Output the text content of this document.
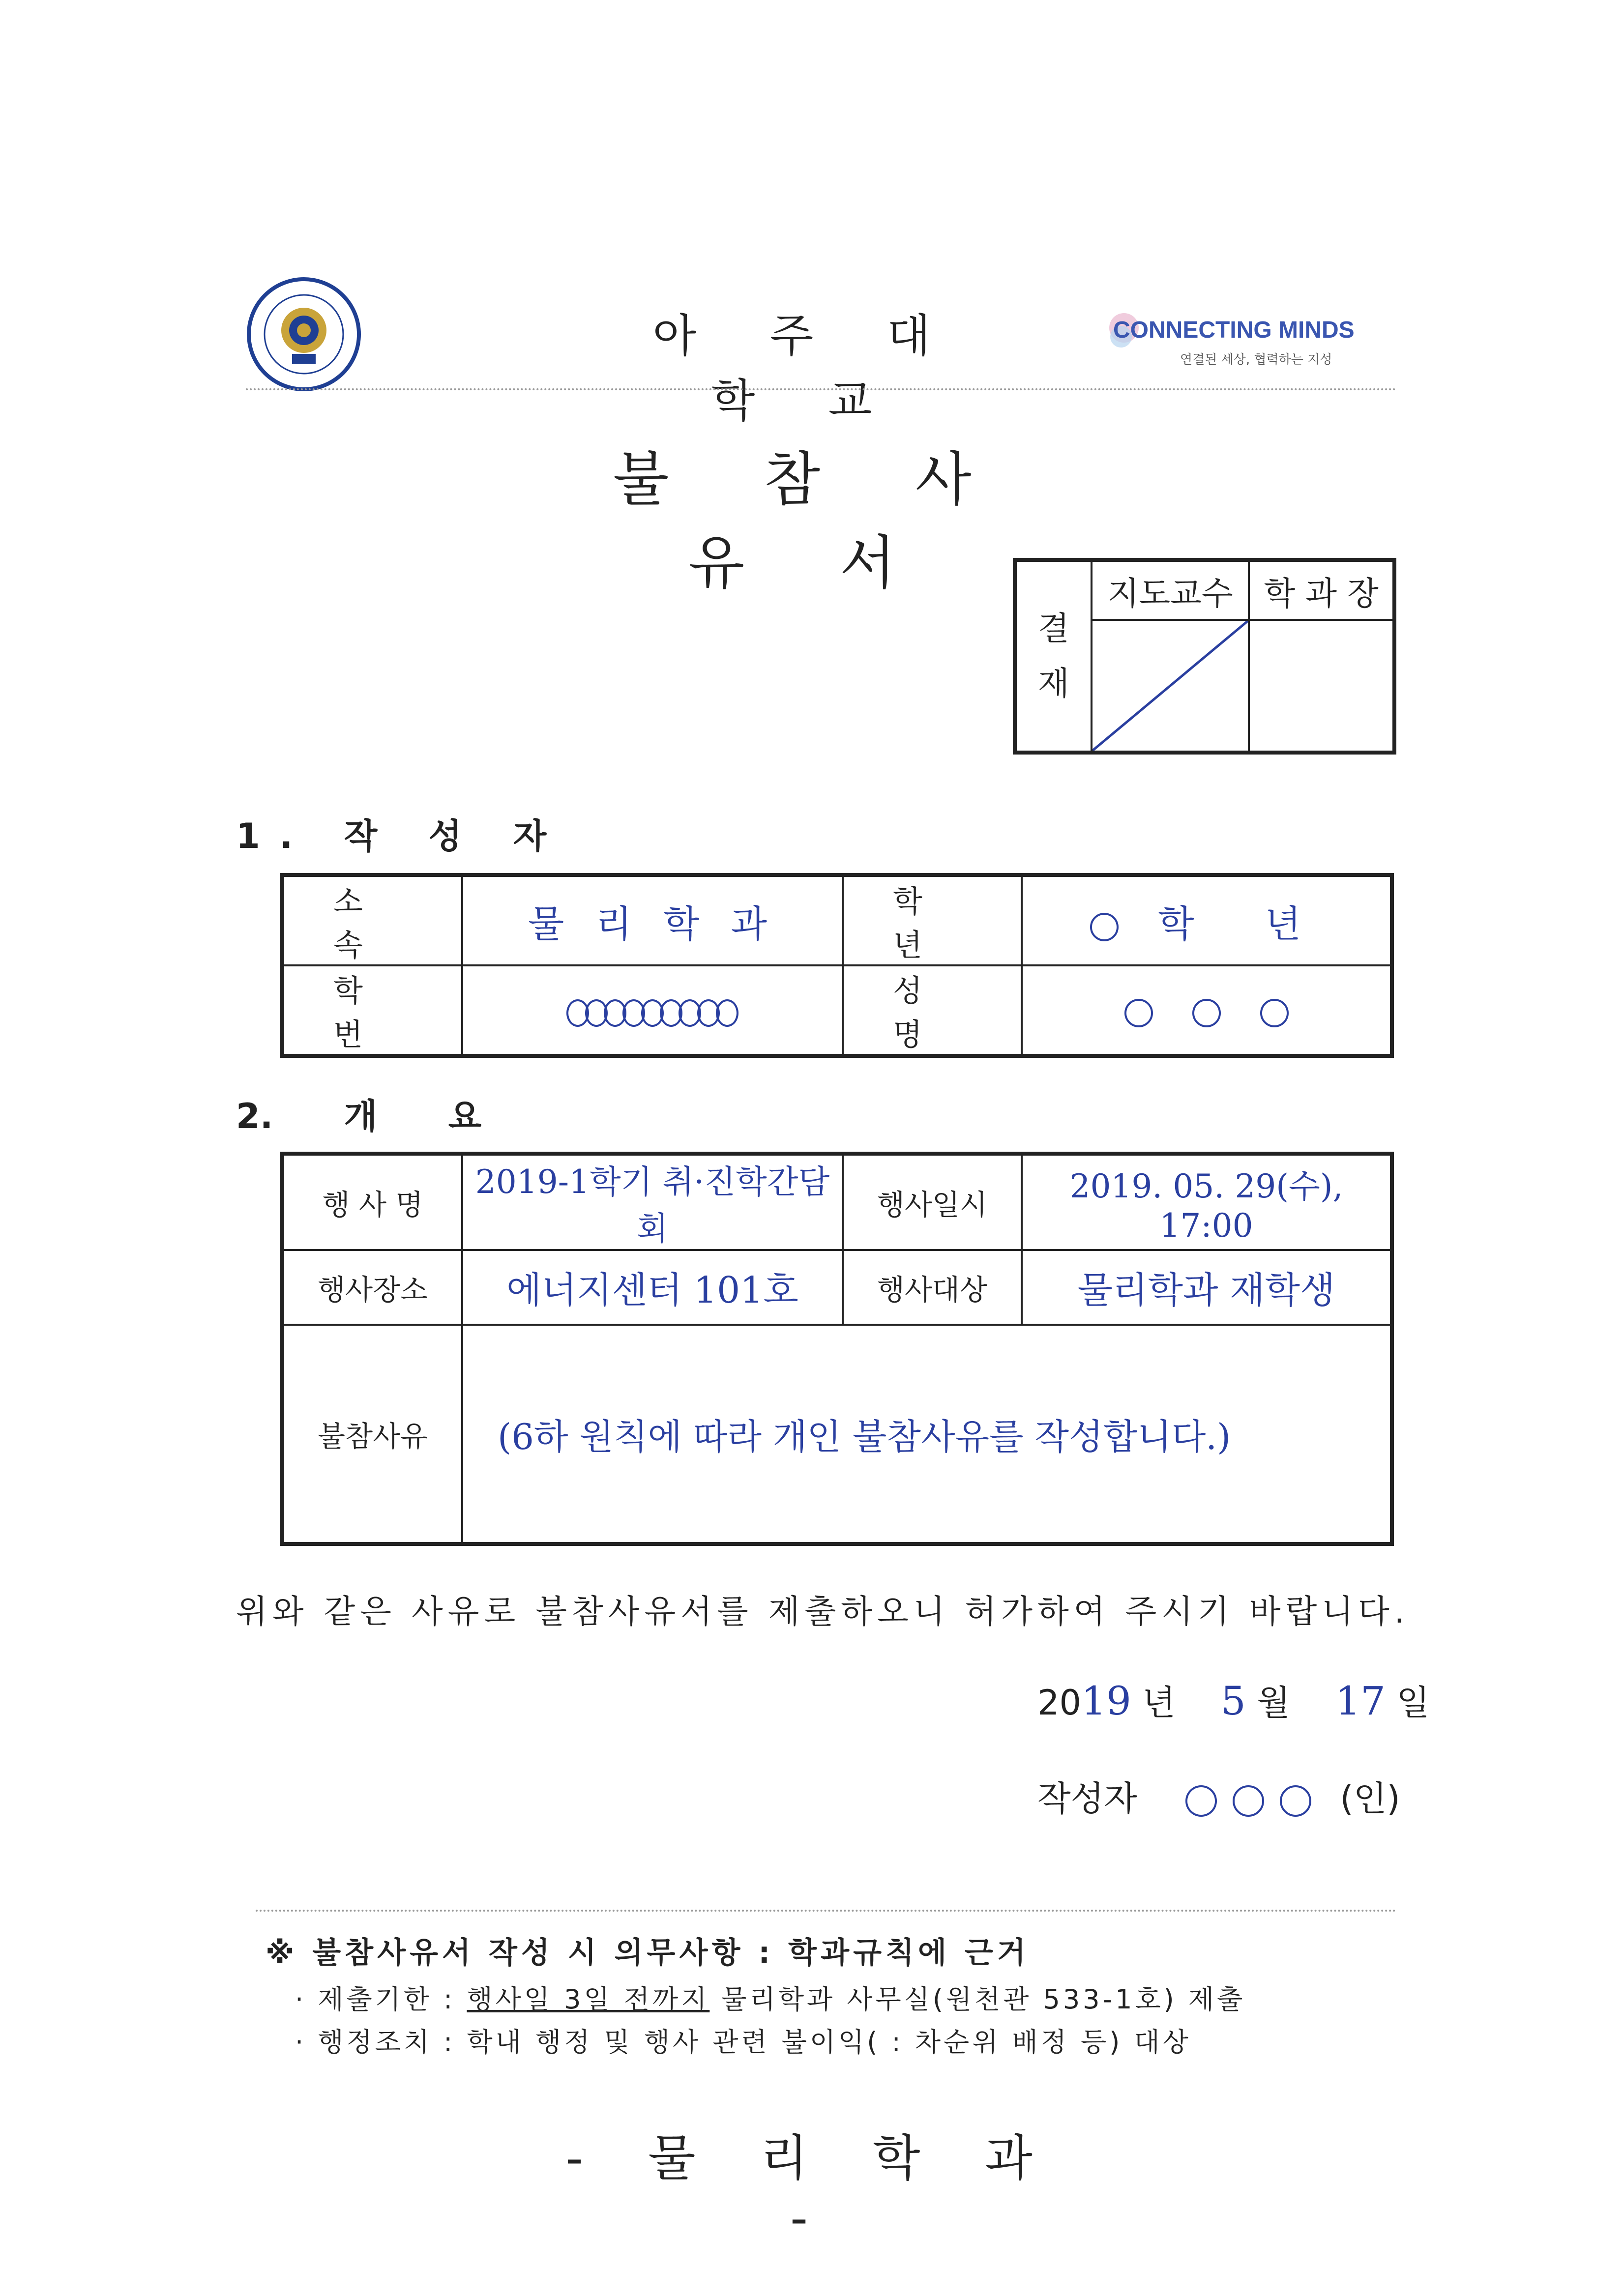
아 주 대 학 교
CONNECTING MINDS
연결된 세상, 협력하는 지성
불 참 사 유 서
결
재	지도교수	학 과 장

1. 작 성 자
소 속	물 리 학 과	학 년	학 년
학 번		성 명	
2. 개 요
행 사 명	2019-1학기 취·진학간담회	행사일시	2019. 05. 29(수), 17:00
행사장소	에너지센터 101호	행사대상	물리학과 재학생
불참사유	(6하 원칙에 따라 개인 불참사유를 작성합니다.)		
위와 같은 사유로 불참사유서를 제출하오니 허가하여 주시기 바랍니다.
2019 년 5 월 17 일
작성자	(인)
※ 불참사유서 작성 시 의무사항 : 학과규칙에 근거
· 제출기한 : 행사일 3일 전까지 물리학과 사무실(원천관 533-1호) 제출
· 행정조치 : 학내 행정 및 행사 관련 불이익( : 차순위 배정 등) 대상
- 물 리 학 과 -
